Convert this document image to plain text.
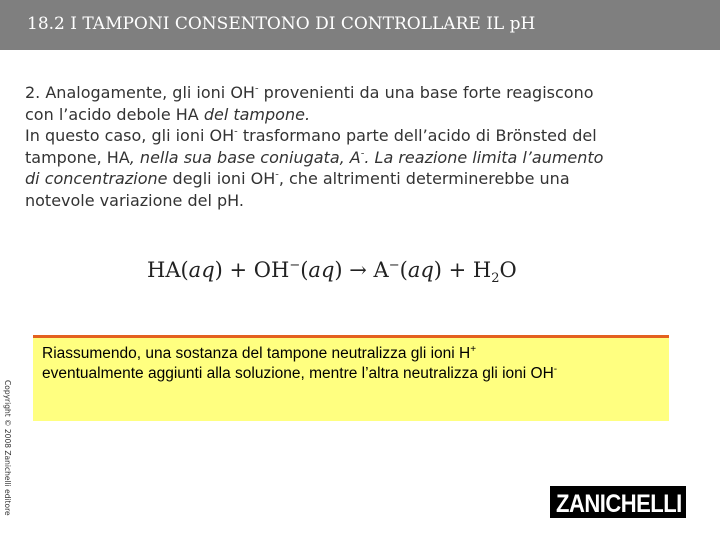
18.2 I TAMPONI CONSENTONO DI CONTROLLARE IL pH
2. Analogamente, gli ioni OH- provenienti da una base forte reagiscono
con l’acido debole HA del tampone.
In questo caso, gli ioni OH- trasformano parte dell’acido di Brönsted del
tampone, HA, nella sua base coniugata, A-. La reazione limita l’aumento
di concentrazione degli ioni OH-, che altrimenti determinerebbe una
notevole variazione del pH.
$HA(aq) + OH^-(aq) \to A^-(aq) + H_2O$
Riassumendo, una sostanza del tampone neutralizza gli ioni H+
eventualmente aggiunti alla soluzione, mentre l’altra neutralizza gli ioni OH-
Copyright © 2008 Zanichelli editore	ZANICHELLI
